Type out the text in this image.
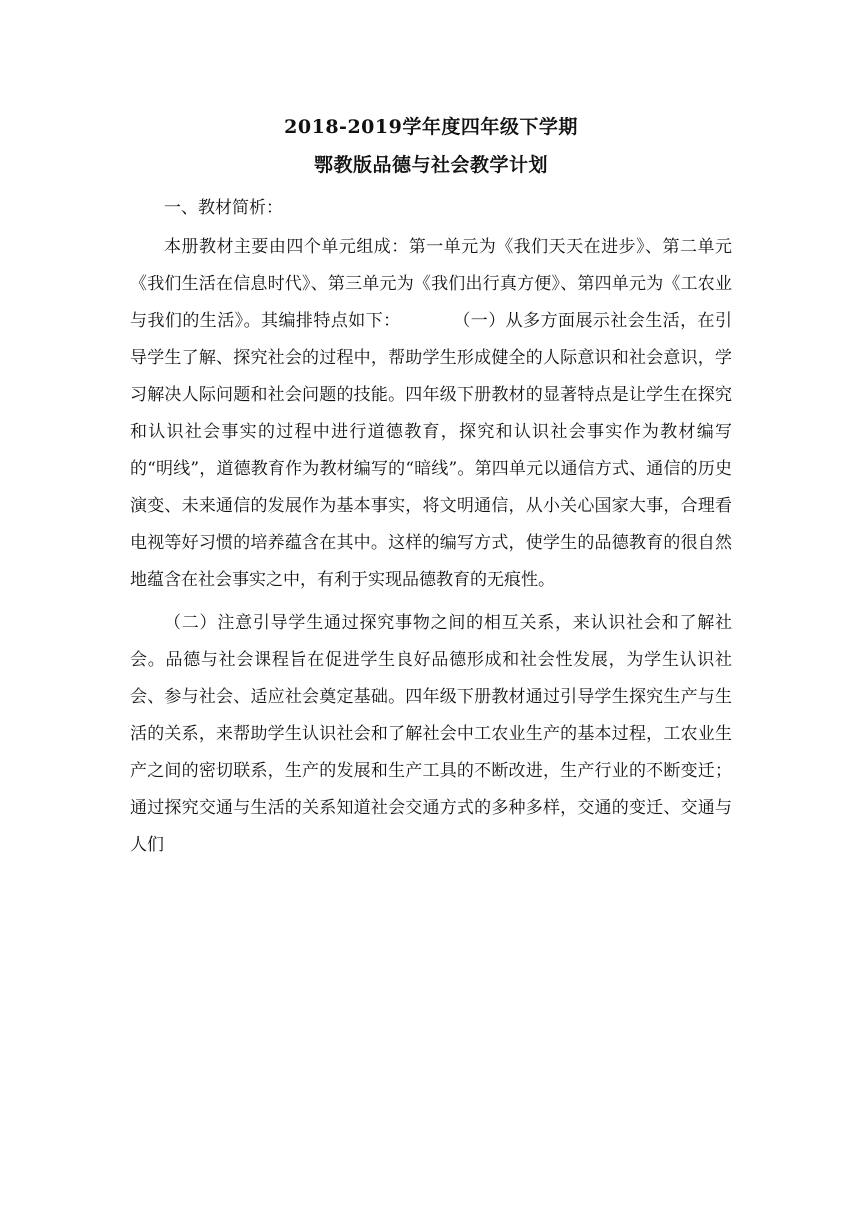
2018-2019学年度四年级下学期
鄂教版品德与社会教学计划

一、教材简析：

本册教材主要由四个单元组成：第一单元为《我们天天在进步》、第二单元《我们生活在信息时代》、第三单元为《我们出行真方便》、第四单元为《工农业与我们的生活》。其编排特点如下：　　　　（一）从多方面展示社会生活，在引导学生了解、探究社会的过程中，帮助学生形成健全的人际意识和社会意识，学习解决人际问题和社会问题的技能。四年级下册教材的显著特点是让学生在探究和认识社会事实的过程中进行道德教育，探究和认识社会事实作为教材编写的“明线”，道德教育作为教材编写的“暗线”。第四单元以通信方式、通信的历史演变、未来通信的发展作为基本事实，将文明通信，从小关心国家大事，合理看电视等好习惯的培养蕴含在其中。这样的编写方式，使学生的品德教育的很自然地蕴含在社会事实之中，有利于实现品德教育的无痕性。

（二）注意引导学生通过探究事物之间的相互关系，来认识社会和了解社会。品德与社会课程旨在促进学生良好品德形成和社会性发展，为学生认识社会、参与社会、适应社会奠定基础。四年级下册教材通过引导学生探究生产与生活的关系，来帮助学生认识社会和了解社会中工农业生产的基本过程，工农业生产之间的密切联系，生产的发展和生产工具的不断改进，生产行业的不断变迁；通过探究交通与生活的关系知道社会交通方式的多种多样，交通的变迁、交通与人们
